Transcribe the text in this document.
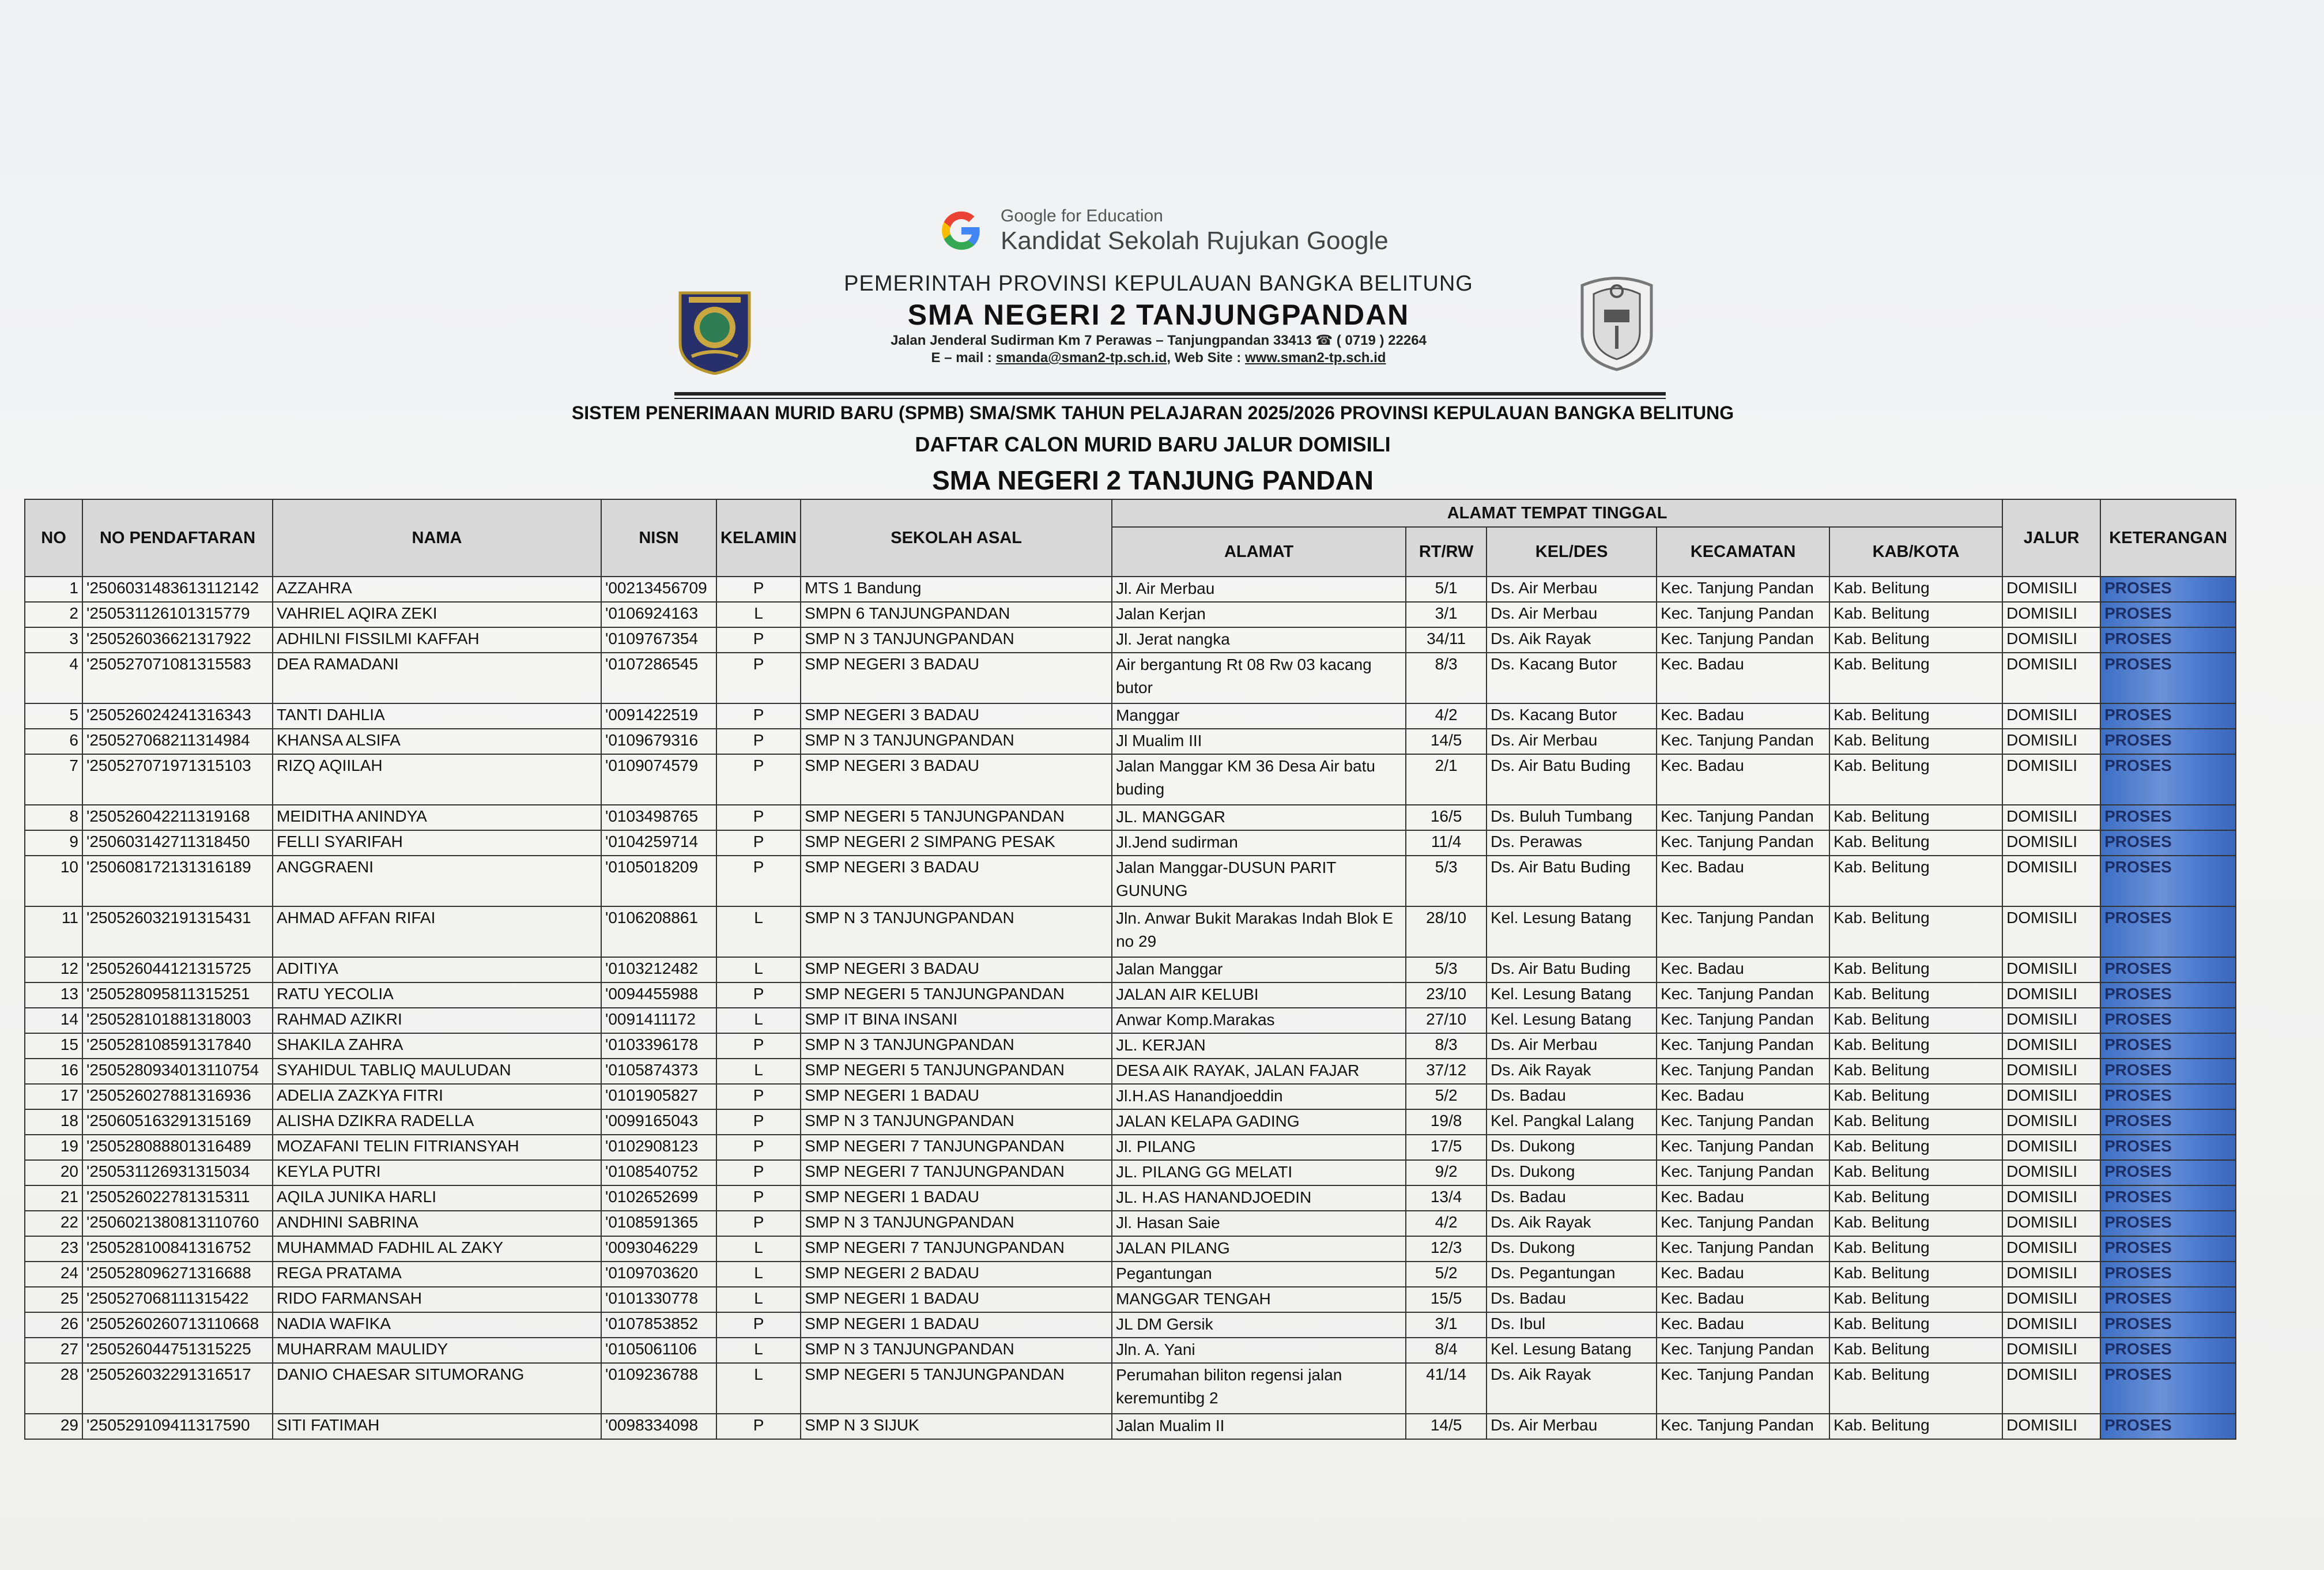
Google for Education
Kandidat Sekolah Rujukan Google
PEMERINTAH PROVINSI KEPULAUAN BANGKA BELITUNG
SMA NEGERI 2 TANJUNGPANDAN
Jalan Jenderal Sudirman Km 7 Perawas – Tanjungpandan 33413 ☎ ( 0719 ) 22264
E – mail : smanda@sman2-tp.sch.id, Web Site : www.sman2-tp.sch.id
SISTEM PENERIMAAN MURID BARU (SPMB) SMA/SMK TAHUN PELAJARAN 2025/2026 PROVINSI KEPULAUAN BANGKA BELITUNG
DAFTAR CALON MURID BARU JALUR DOMISILI
SMA NEGERI 2 TANJUNG PANDAN
NO	NO PENDAFTARAN	NAMA	NISN	KELAMIN	SEKOLAH ASAL	ALAMAT TEMPAT TINGGAL					JALUR	KETERANGAN
						ALAMAT	RT/RW	KEL/DES	KECAMATAN	KAB/KOTA		
1	'250603148361311214​2	AZZAHRA	'00213456709	P	MTS 1 Bandung	Jl. Air Merbau	5/1	Ds. Air Merbau	Kec. Tanjung Pandan	Kab. Belitung	DOMISILI	PROSES
2	'250531126101315779	VAHRIEL AQIRA ZEKI	'0106924163	L	SMPN 6 TANJUNGPANDAN	Jalan Kerjan	3/1	Ds. Air Merbau	Kec. Tanjung Pandan	Kab. Belitung	DOMISILI	PROSES
3	'250526036621317922	ADHILNI FISSILMI KAFFAH	'0109767354	P	SMP N 3 TANJUNGPANDAN	Jl. Jerat nangka	34/11	Ds. Aik Rayak	Kec. Tanjung Pandan	Kab. Belitung	DOMISILI	PROSES
4	'250527071081315583	DEA RAMADANI	'0107286545	P	SMP NEGERI 3 BADAU	Air bergantung Rt 08 Rw 03 kacang butor	8/3	Ds. Kacang Butor	Kec. Badau	Kab. Belitung	DOMISILI	PROSES
5	'250526024241316343	TANTI DAHLIA	'0091422519	P	SMP NEGERI 3 BADAU	Manggar	4/2	Ds. Kacang Butor	Kec. Badau	Kab. Belitung	DOMISILI	PROSES
6	'250527068211314984	KHANSA ALSIFA	'0109679316	P	SMP N 3 TANJUNGPANDAN	Jl Mualim III	14/5	Ds. Air Merbau	Kec. Tanjung Pandan	Kab. Belitung	DOMISILI	PROSES
7	'250527071971315103	RIZQ AQIILAH	'0109074579	P	SMP NEGERI 3 BADAU	Jalan Manggar KM 36 Desa Air batu buding	2/1	Ds. Air Batu Buding	Kec. Badau	Kab. Belitung	DOMISILI	PROSES
8	'250526042211319168	MEIDITHA ANINDYA	'0103498765	P	SMP NEGERI 5 TANJUNGPANDAN	JL. MANGGAR	16/5	Ds. Buluh Tumbang	Kec. Tanjung Pandan	Kab. Belitung	DOMISILI	PROSES
9	'250603142711318450	FELLI SYARIFAH	'0104259714	P	SMP NEGERI 2 SIMPANG PESAK	Jl.Jend sudirman	11/4	Ds. Perawas	Kec. Tanjung Pandan	Kab. Belitung	DOMISILI	PROSES
10	'250608172131316189	ANGGRAENI	'0105018209	P	SMP NEGERI 3 BADAU	Jalan Manggar-DUSUN PARIT GUNUNG	5/3	Ds. Air Batu Buding	Kec. Badau	Kab. Belitung	DOMISILI	PROSES
11	'250526032191315431	AHMAD AFFAN RIFAI	'0106208861	L	SMP N 3 TANJUNGPANDAN	Jln. Anwar Bukit Marakas Indah Blok E no 29	28/10	Kel. Lesung Batang	Kec. Tanjung Pandan	Kab. Belitung	DOMISILI	PROSES
12	'250526044121315725	ADITIYA	'0103212482	L	SMP NEGERI 3 BADAU	Jalan Manggar	5/3	Ds. Air Batu Buding	Kec. Badau	Kab. Belitung	DOMISILI	PROSES
13	'250528095811315251	RATU YECOLIA	'0094455988	P	SMP NEGERI 5 TANJUNGPANDAN	JALAN AIR KELUBI	23/10	Kel. Lesung Batang	Kec. Tanjung Pandan	Kab. Belitung	DOMISILI	PROSES
14	'250528101881318003	RAHMAD AZIKRI	'0091411172	L	SMP IT BINA INSANI	Anwar Komp.Marakas	27/10	Kel. Lesung Batang	Kec. Tanjung Pandan	Kab. Belitung	DOMISILI	PROSES
15	'250528108591317840	SHAKILA ZAHRA	'0103396178	P	SMP N 3 TANJUNGPANDAN	JL. KERJAN	8/3	Ds. Air Merbau	Kec. Tanjung Pandan	Kab. Belitung	DOMISILI	PROSES
16	'250528093401311075​4	SYAHIDUL TABLIQ MAULUDAN	'0105874373	L	SMP NEGERI 5 TANJUNGPANDAN	DESA AIK RAYAK, JALAN FAJAR	37/12	Ds. Aik Rayak	Kec. Tanjung Pandan	Kab. Belitung	DOMISILI	PROSES
17	'250526027881316936	ADELIA ZAZKYA FITRI	'0101905827	P	SMP NEGERI 1 BADAU	Jl.H.AS Hanandjoeddin	5/2	Ds. Badau	Kec. Badau	Kab. Belitung	DOMISILI	PROSES
18	'250605163291315169	ALISHA DZIKRA RADELLA	'0099165043	P	SMP N 3 TANJUNGPANDAN	JALAN KELAPA GADING	19/8	Kel. Pangkal Lalang	Kec. Tanjung Pandan	Kab. Belitung	DOMISILI	PROSES
19	'250528088801316489	MOZAFANI TELIN FITRIANSYAH	'0102908123	P	SMP NEGERI 7 TANJUNGPANDAN	Jl. PILANG	17/5	Ds. Dukong	Kec. Tanjung Pandan	Kab. Belitung	DOMISILI	PROSES
20	'250531126931315034	KEYLA PUTRI	'0108540752	P	SMP NEGERI 7 TANJUNGPANDAN	JL. PILANG GG MELATI	9/2	Ds. Dukong	Kec. Tanjung Pandan	Kab. Belitung	DOMISILI	PROSES
21	'250526022781315311	AQILA JUNIKA HARLI	'0102652699	P	SMP NEGERI 1 BADAU	JL. H.AS HANANDJOEDIN	13/4	Ds. Badau	Kec. Badau	Kab. Belitung	DOMISILI	PROSES
22	'250602138081311076​0	ANDHINI SABRINA	'0108591365	P	SMP N 3 TANJUNGPANDAN	Jl. Hasan Saie	4/2	Ds. Aik Rayak	Kec. Tanjung Pandan	Kab. Belitung	DOMISILI	PROSES
23	'250528100841316752	MUHAMMAD FADHIL AL ZAKY	'0093046229	L	SMP NEGERI 7 TANJUNGPANDAN	JALAN PILANG	12/3	Ds. Dukong	Kec. Tanjung Pandan	Kab. Belitung	DOMISILI	PROSES
24	'250528096271316688	REGA PRATAMA	'0109703620	L	SMP NEGERI 2 BADAU	Pegantungan	5/2	Ds. Pegantungan	Kec. Badau	Kab. Belitung	DOMISILI	PROSES
25	'250527068111315422	RIDO FARMANSAH	'0101330778	L	SMP NEGERI 1 BADAU	MANGGAR TENGAH	15/5	Ds. Badau	Kec. Badau	Kab. Belitung	DOMISILI	PROSES
26	'250526026071311066​8	NADIA WAFIKA	'0107853852	P	SMP NEGERI 1 BADAU	JL DM Gersik	3/1	Ds. Ibul	Kec. Badau	Kab. Belitung	DOMISILI	PROSES
27	'250526044751315225	MUHARRAM MAULIDY	'0105061106	L	SMP N 3 TANJUNGPANDAN	Jln. A. Yani	8/4	Kel. Lesung Batang	Kec. Tanjung Pandan	Kab. Belitung	DOMISILI	PROSES
28	'250526032291316517	DANIO CHAESAR SITUMORANG	'0109236788	L	SMP NEGERI 5 TANJUNGPANDAN	Perumahan biliton regensi jalan keremuntibg 2	41/14	Ds. Aik Rayak	Kec. Tanjung Pandan	Kab. Belitung	DOMISILI	PROSES
29	'250529109411317590	SITI FATIMAH	'0098334098	P	SMP N 3 SIJUK	Jalan Mualim II	14/5	Ds. Air Merbau	Kec. Tanjung Pandan	Kab. Belitung	DOMISILI	PROSES
